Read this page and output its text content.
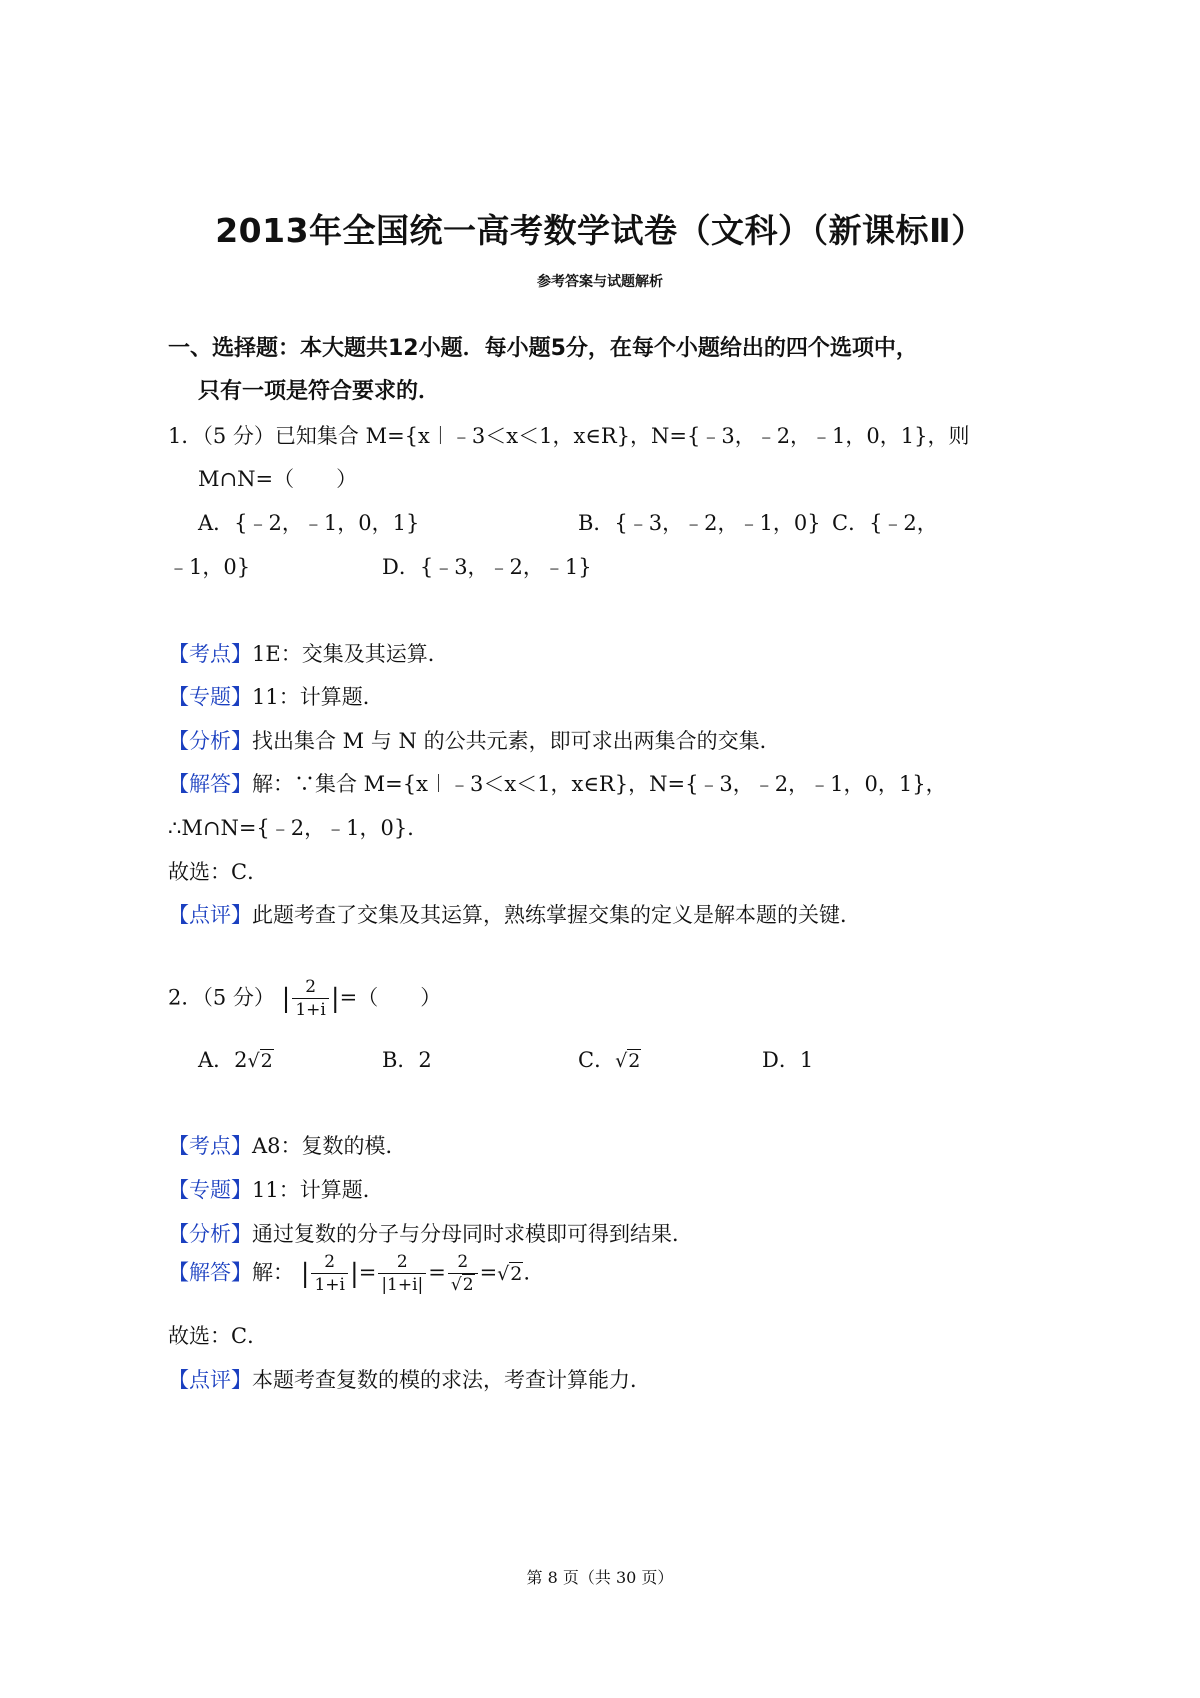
2013年全国统一高考数学试卷（文科）（新课标Ⅱ）
参考答案与试题解析
一、选择题：本大题共12小题．每小题5分，在每个小题给出的四个选项中，
只有一项是符合要求的．
1．（5 分）已知集合 M={x︱﹣3＜x＜1，x∈R}，N={﹣3，﹣2，﹣1，0，1}，则
M∩N=（　　）
A．{﹣2，﹣1，0，1}	B．{﹣3，﹣2，﹣1，0} C．{﹣2，
﹣1，0}	D．{﹣3，﹣2，﹣1}
【考点】1E：交集及其运算．
【专题】11：计算题．
【分析】找出集合 M 与 N 的公共元素，即可求出两集合的交集．
【解答】解：∵集合 M={x︱﹣3＜x＜1，x∈R}，N={﹣3，﹣2，﹣1，0，1}，
∴M∩N={﹣2，﹣1，0}．
故选：C．
【点评】此题考查了交集及其运算，熟练掌握交集的定义是解本题的关键．
2．（5 分） | $\frac{2}{1+i}$ |=（　　）
A．2√2	B．2	C．√2	D．1
【考点】A8：复数的模．
【专题】11：计算题．
【分析】通过复数的分子与分母同时求模即可得到结果．
【解答】解： | $\frac{2}{1+i}$ |= $\frac{2}{|1+i|} = \frac{2}{√2} =√2$.
故选：C．
【点评】本题考查复数的模的求法，考查计算能力．
第 8 页（共 30 页）
